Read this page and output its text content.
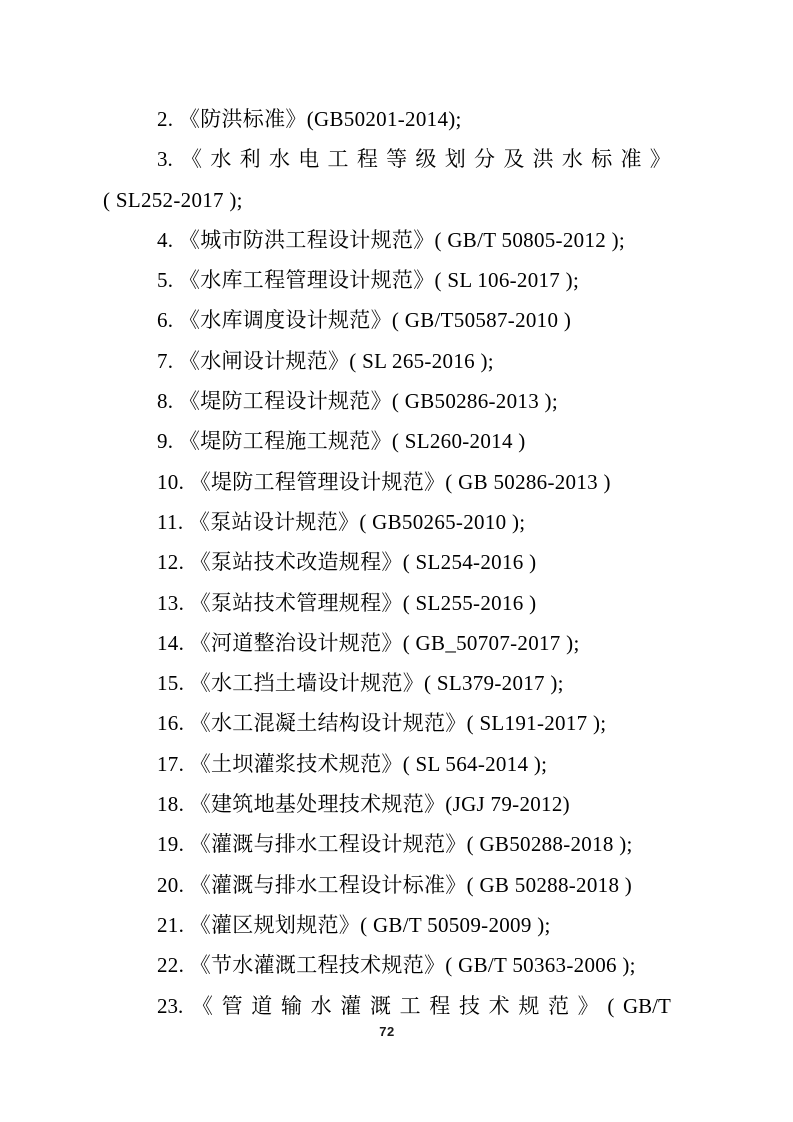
2. 《防洪标准》(GB50201-2014);

3. 《 水 利 水 电 工 程 等 级 划 分 及 洪 水 标 准 》

( SL252-2017 );

4. 《城市防洪工程设计规范》( GB/T 50805-2012 );

5. 《水库工程管理设计规范》( SL 106-2017 );

6. 《水库调度设计规范》( GB/T50587-2010 )

7. 《水闸设计规范》( SL 265-2016 );

8. 《堤防工程设计规范》( GB50286-2013 );

9. 《堤防工程施工规范》( SL260-2014 )

10. 《堤防工程管理设计规范》( GB 50286-2013 )

11. 《泵站设计规范》( GB50265-2010 );

12. 《泵站技术改造规程》( SL254-2016 )

13. 《泵站技术管理规程》( SL255-2016 )

14. 《河道整治设计规范》( GB_50707-2017 );

15. 《水工挡土墙设计规范》( SL379-2017 );

16. 《水工混凝土结构设计规范》( SL191-2017 );

17. 《土坝灌浆技术规范》( SL 564-2014 );

18. 《建筑地基处理技术规范》(JGJ 79-2012)

19. 《灌溉与排水工程设计规范》( GB50288-2018 );

20. 《灌溉与排水工程设计标准》( GB 50288-2018 )

21. 《灌区规划规范》( GB/T 50509-2009 );

22. 《节水灌溉工程技术规范》( GB/T 50363-2006 );

23. 《 管 道 输 水 灌 溉 工 程 技 术 规 范 》 ( GB/T
72
